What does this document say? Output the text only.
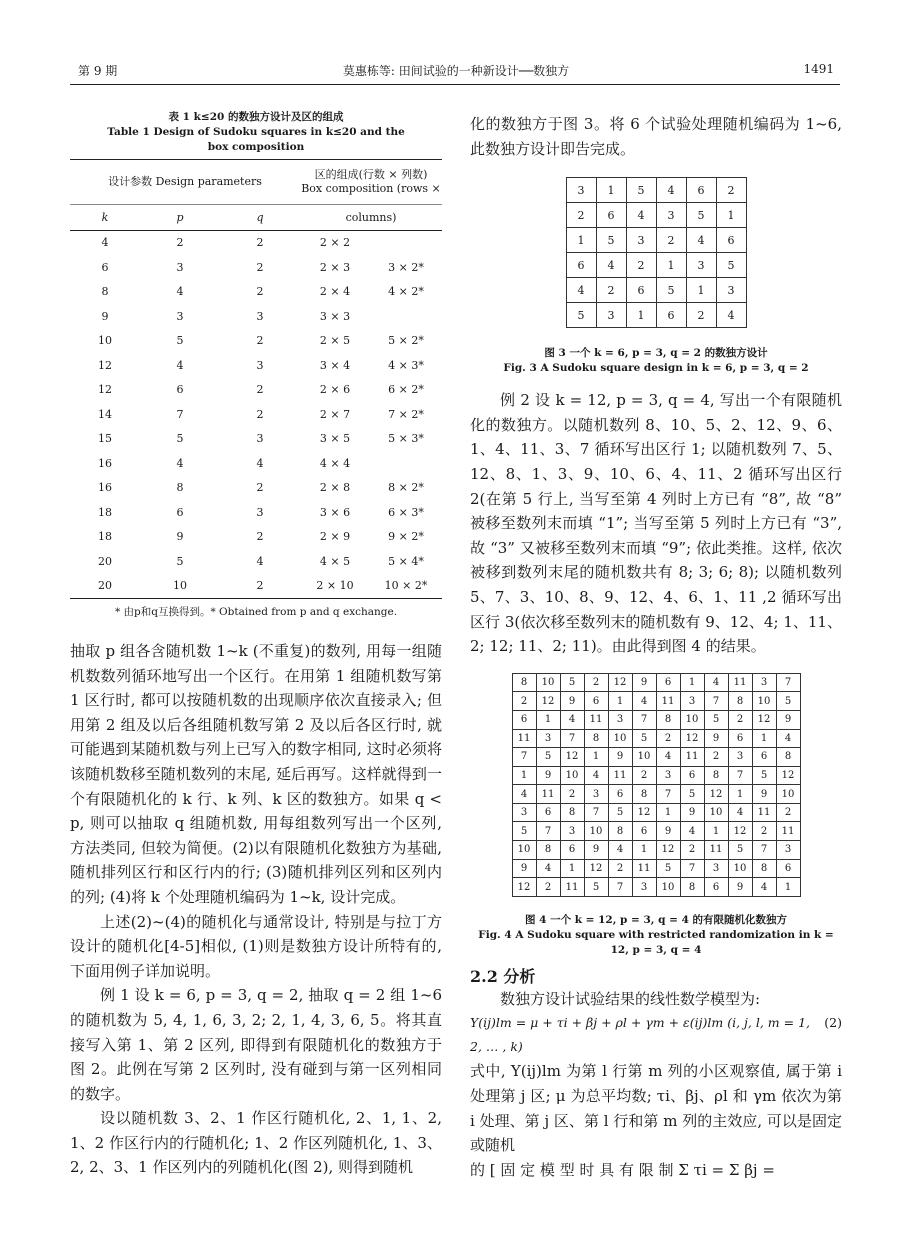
第 9 期	莫惠栋等: 田间试验的一种新设计──数独方	1491
表 1 k≤20 的数独方设计及区的组成
Table 1 Design of Sudoku squares in k≤20 and the
box composition
设计参数 Design parameters			区的组成(行数 × 列数)
Box composition (rows ×	

k	p	q	columns)	
4	2	2	2 × 2	
6	3	2	2 × 3	3 × 2*
8	4	2	2 × 4	4 × 2*
9	3	3	3 × 3	
10	5	2	2 × 5	5 × 2*
12	4	3	3 × 4	4 × 3*
12	6	2	2 × 6	6 × 2*
14	7	2	2 × 7	7 × 2*
15	5	3	3 × 5	5 × 3*
16	4	4	4 × 4	
16	8	2	2 × 8	8 × 2*
18	6	3	3 × 6	6 × 3*
18	9	2	2 × 9	9 × 2*
20	5	4	4 × 5	5 × 4*
20	10	2	2 × 10	10 × 2*
* 由p和q互换得到。* Obtained from p and q exchange.

抽取 p 组各含随机数 1~k (不重复)的数列, 用每一组随机数数列循环地写出一个区行。在用第 1 组随机数写第 1 区行时, 都可以按随机数的出现顺序依次直接录入; 但用第 2 组及以后各组随机数写第 2 及以后各区行时, 就可能遇到某随机数与列上已写入的数字相同, 这时必须将该随机数移至随机数列的末尾, 延后再写。这样就得到一个有限随机化的 k 行、k 列、k 区的数独方。如果 q < p, 则可以抽取 q 组随机数, 用每组数列写出一个区列, 方法类同, 但较为简便。(2)以有限随机化数独方为基础, 随机排列区行和区行内的行; (3)随机排列区列和区列内的列; (4)将 k 个处理随机编码为 1~k, 设计完成。

上述(2)~(4)的随机化与通常设计, 特别是与拉丁方设计的随机化[4-5]相似, (1)则是数独方设计所特有的, 下面用例子详加说明。

例 1 设 k = 6, p = 3, q = 2, 抽取 q = 2 组 1~6 的随机数为 5, 4, 1, 6, 3, 2; 2, 1, 4, 3, 6, 5。将其直接写入第 1、第 2 区列, 即得到有限随机化的数独方于图 2。此例在写第 2 区列时, 没有碰到与第一区列相同的数字。

设以随机数 3、2、1 作区行随机化, 2、1, 1、2, 1、2 作区行内的行随机化; 1、2 作区列随机化, 1、3、2, 2、3、1 作区列内的列随机化(图 2), 则得到随机

化的数独方于图 3。将 6 个试验处理随机编码为 1~6, 此数独方设计即告完成。

3	1	5	4	6	2
2	6	4	3	5	1
1	5	3	2	4	6
6	4	2	1	3	5
4	2	6	5	1	3
5	3	1	6	2	4
图 3 一个 k = 6, p = 3, q = 2 的数独方设计
Fig. 3 A Sudoku square design in k = 6, p = 3, q = 2

例 2 设 k = 12, p = 3, q = 4, 写出一个有限随机化的数独方。以随机数列 8、10、5、2、12、9、6、1、4、11、3、7 循环写出区行 1; 以随机数列 7、5、12、8、1、3、9、10、6、4、11、2 循环写出区行 2(在第 5 行上, 当写至第 4 列时上方已有 “8”, 故 “8” 被移至数列末而填 “1”; 当写至第 5 列时上方已有 “3”, 故 “3” 又被移至数列末而填 “9”; 依此类推。这样, 依次被移到数列末尾的随机数共有 8; 3; 6; 8); 以随机数列 5、7、3、10、8、9、12、4、6、1、11 ,2 循环写出区行 3(依次移至数列末的随机数有 9、12、4; 1、11、2; 12; 11、2; 11)。由此得到图 4 的结果。

8	10	5	2	12	9	6	1	4	11	3	7
2	12	9	6	1	4	11	3	7	8	10	5
6	1	4	11	3	7	8	10	5	2	12	9
11	3	7	8	10	5	2	12	9	6	1	4
7	5	12	1	9	10	4	11	2	3	6	8
1	9	10	4	11	2	3	6	8	7	5	12
4	11	2	3	6	8	7	5	12	1	9	10
3	6	8	7	5	12	1	9	10	4	11	2
5	7	3	10	8	6	9	4	1	12	2	11
10	8	6	9	4	1	12	2	11	5	7	3
9	4	1	12	2	11	5	7	3	10	8	6
12	2	11	5	7	3	10	8	6	9	4	1
图 4 一个 k = 12, p = 3, q = 4 的有限随机化数独方
Fig. 4 A Sudoku square with restricted randomization in k =
12, p = 3, q = 4

2.2 分析

数独方设计试验结果的线性数学模型为:

Y(ij)lm = μ + τi + βj + ρl + γm + ε(ij)lm (i, j, l, m = 1, 2, … , k)
(2)

式中, Y(ij)lm 为第 l 行第 m 列的小区观察值, 属于第 i 处理第 j 区; μ 为总平均数; τi、βj、ρl 和 γm 依次为第 i 处理、第 j 区、第 l 行和第 m 列的主效应, 可以是固定或随机

的 [ 固 定 模 型 时 具 有 限 制 Σ τi = Σ βj =
